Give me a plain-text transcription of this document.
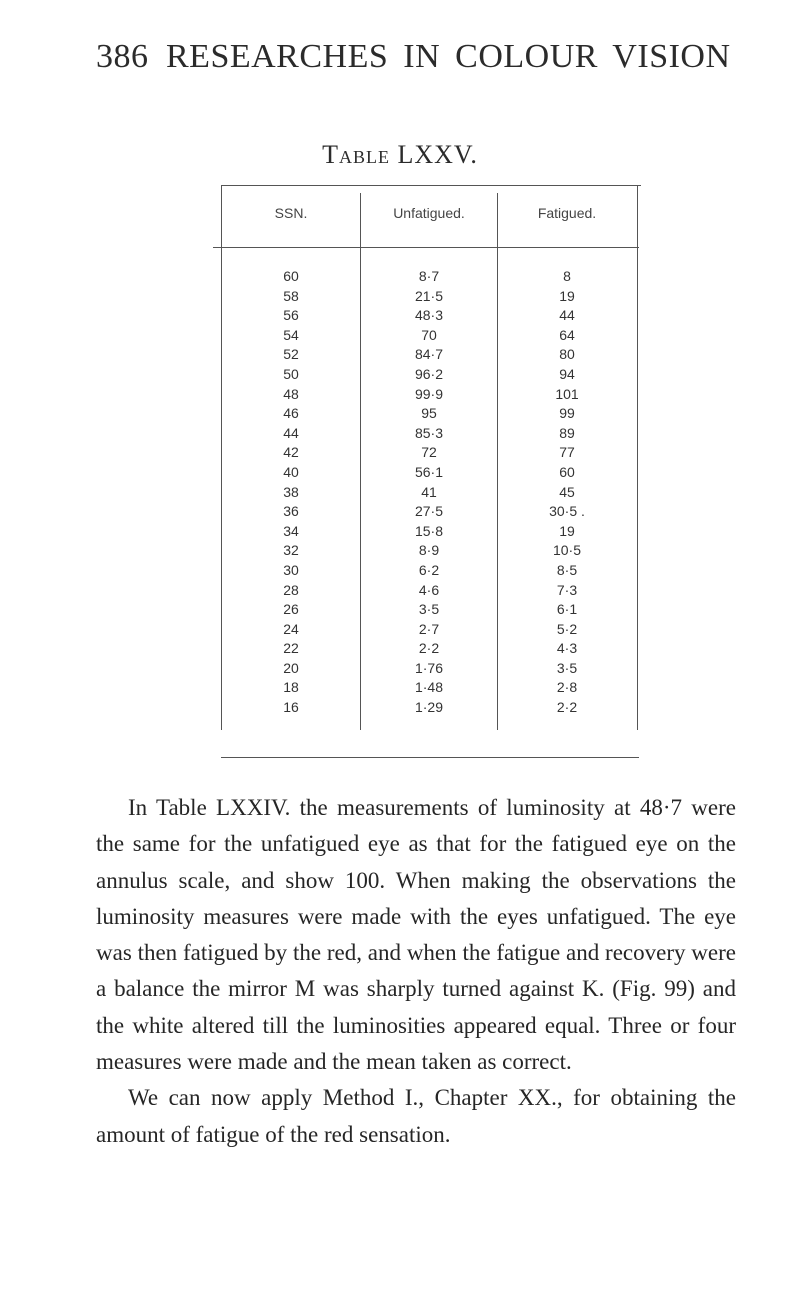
386 RESEARCHES IN COLOUR VISION
Table LXXV.
SSN.	Unfatigued.	Fatigued.
60
58
56
54
52
50
48
46
44
42
40
38
36
34
32
30
28
26
24
22
20
18
16
8·7
21·5
48·3
70
84·7
96·2
99·9
95
85·3
72
56·1
41
27·5
15·8
8·9
6·2
4·6
3·5
2·7
2·2
1·76
1·48
1·29
8
19
44
64
80
94
101
99
89
77
60
45
30·5 .
19
10·5
8·5
7·3
6·1
5·2
4·3
3·5
2·8
2·2

In Table LXXIV. the measurements of luminosity at 48·7 were the same for the unfatigued eye as that for the fatigued eye on the annulus scale, and show 100. When making the observations the luminosity measures were made with the eyes unfatigued. The eye was then fatigued by the red, and when the fatigue and recovery were a balance the mirror M was sharply turned against K. (Fig. 99) and the white altered till the luminosities appeared equal. Three or four measures were made and the mean taken as correct.

We can now apply Method I., Chapter XX., for obtaining the amount of fatigue of the red sensation.
